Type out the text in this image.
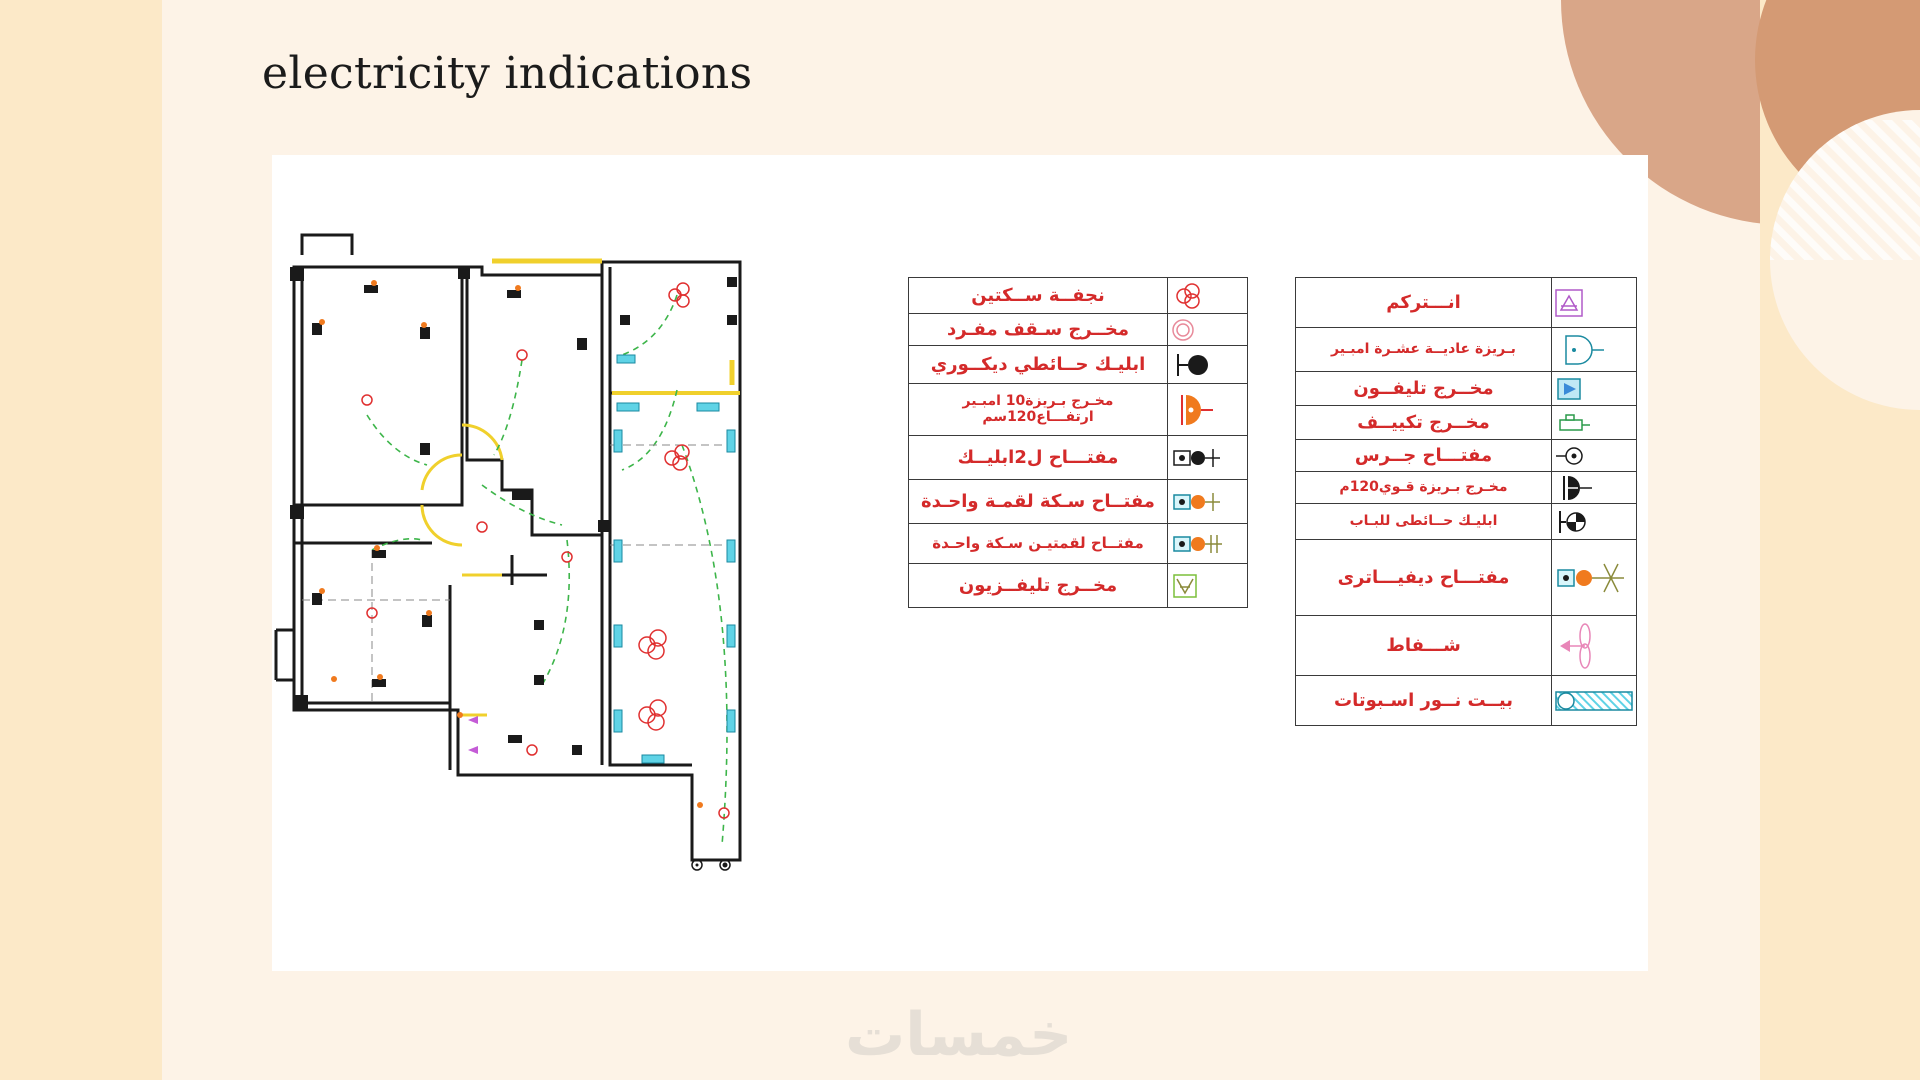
electricity indications
نجفــة ســكتين	

مخــرج سـقف مفـرد	

ابليـك حــائطي ديكــوري	

مخـرج بـريزة10 امبـير
ارتفـــاع120سم

مفتـــاح ل2ابليــك	

مفتــاح سـكة لقمـة واحـدة	

مفتــاح لقمتيـن سـكة واحـدة	

مخــرج تليفــزيون	
انـــتركم	

بـريزة عاديــة عشـرة امبـير	

مخــرج تليفــون	

مخــرج تكييــف	

مفتـــاح جــرس	

مخـرج بـريزة قـوي120م	

ابليـك حــائطى للبـاب	

مفتـــاح ديفيـــاترى	

شـــفاط	

بيــت نــور اسـبوتات	
خمسات
